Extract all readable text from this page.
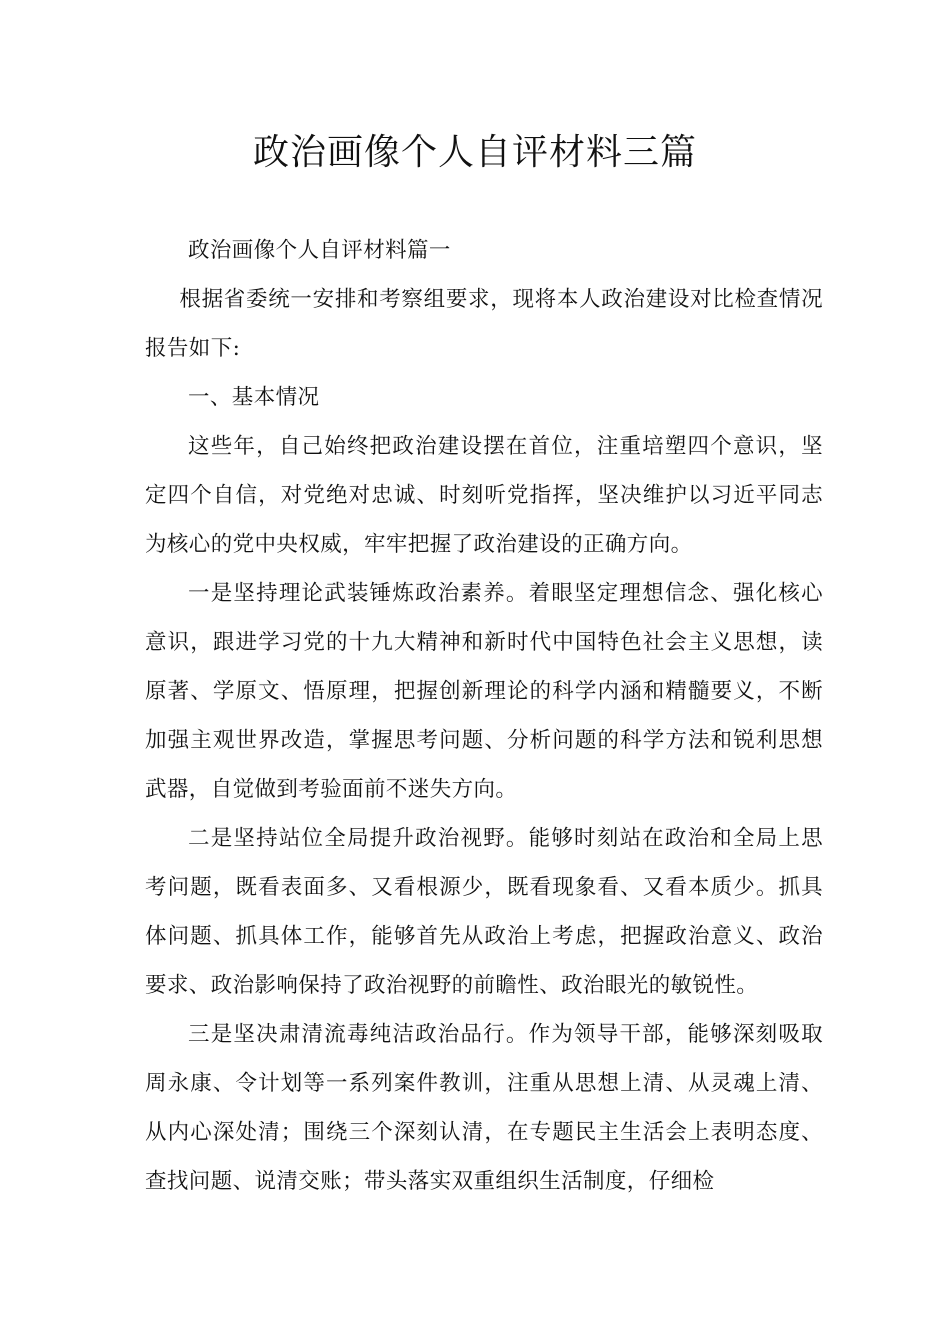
政治画像个人自评材料三篇

政治画像个人自评材料篇一

根据省委统一安排和考察组要求，现将本人政治建设对比检查情况报告如下:

一、基本情况

这些年，自己始终把政治建设摆在首位，注重培塑四个意识，坚定四个自信，对党绝对忠诚、时刻听党指挥，坚决维护以习近平同志为核心的党中央权威，牢牢把握了政治建设的正确方向。

一是坚持理论武装锤炼政治素养。着眼坚定理想信念、强化核心意识，跟进学习党的十九大精神和新时代中国特色社会主义思想，读原著、学原文、悟原理，把握创新理论的科学内涵和精髓要义，不断加强主观世界改造，掌握思考问题、分析问题的科学方法和锐利思想武器，自觉做到考验面前不迷失方向。

二是坚持站位全局提升政治视野。能够时刻站在政治和全局上思考问题，既看表面多、又看根源少，既看现象看、又看本质少。抓具体问题、抓具体工作，能够首先从政治上考虑，把握政治意义、政治要求、政治影响保持了政治视野的前瞻性、政治眼光的敏锐性。

三是坚决肃清流毒纯洁政治品行。作为领导干部，能够深刻吸取周永康、令计划等一系列案件教训，注重从思想上清、从灵魂上清、从内心深处清；围绕三个深刻认清，在专题民主生活会上表明态度、查找问题、说清交账；带头落实双重组织生活制度，仔细检
